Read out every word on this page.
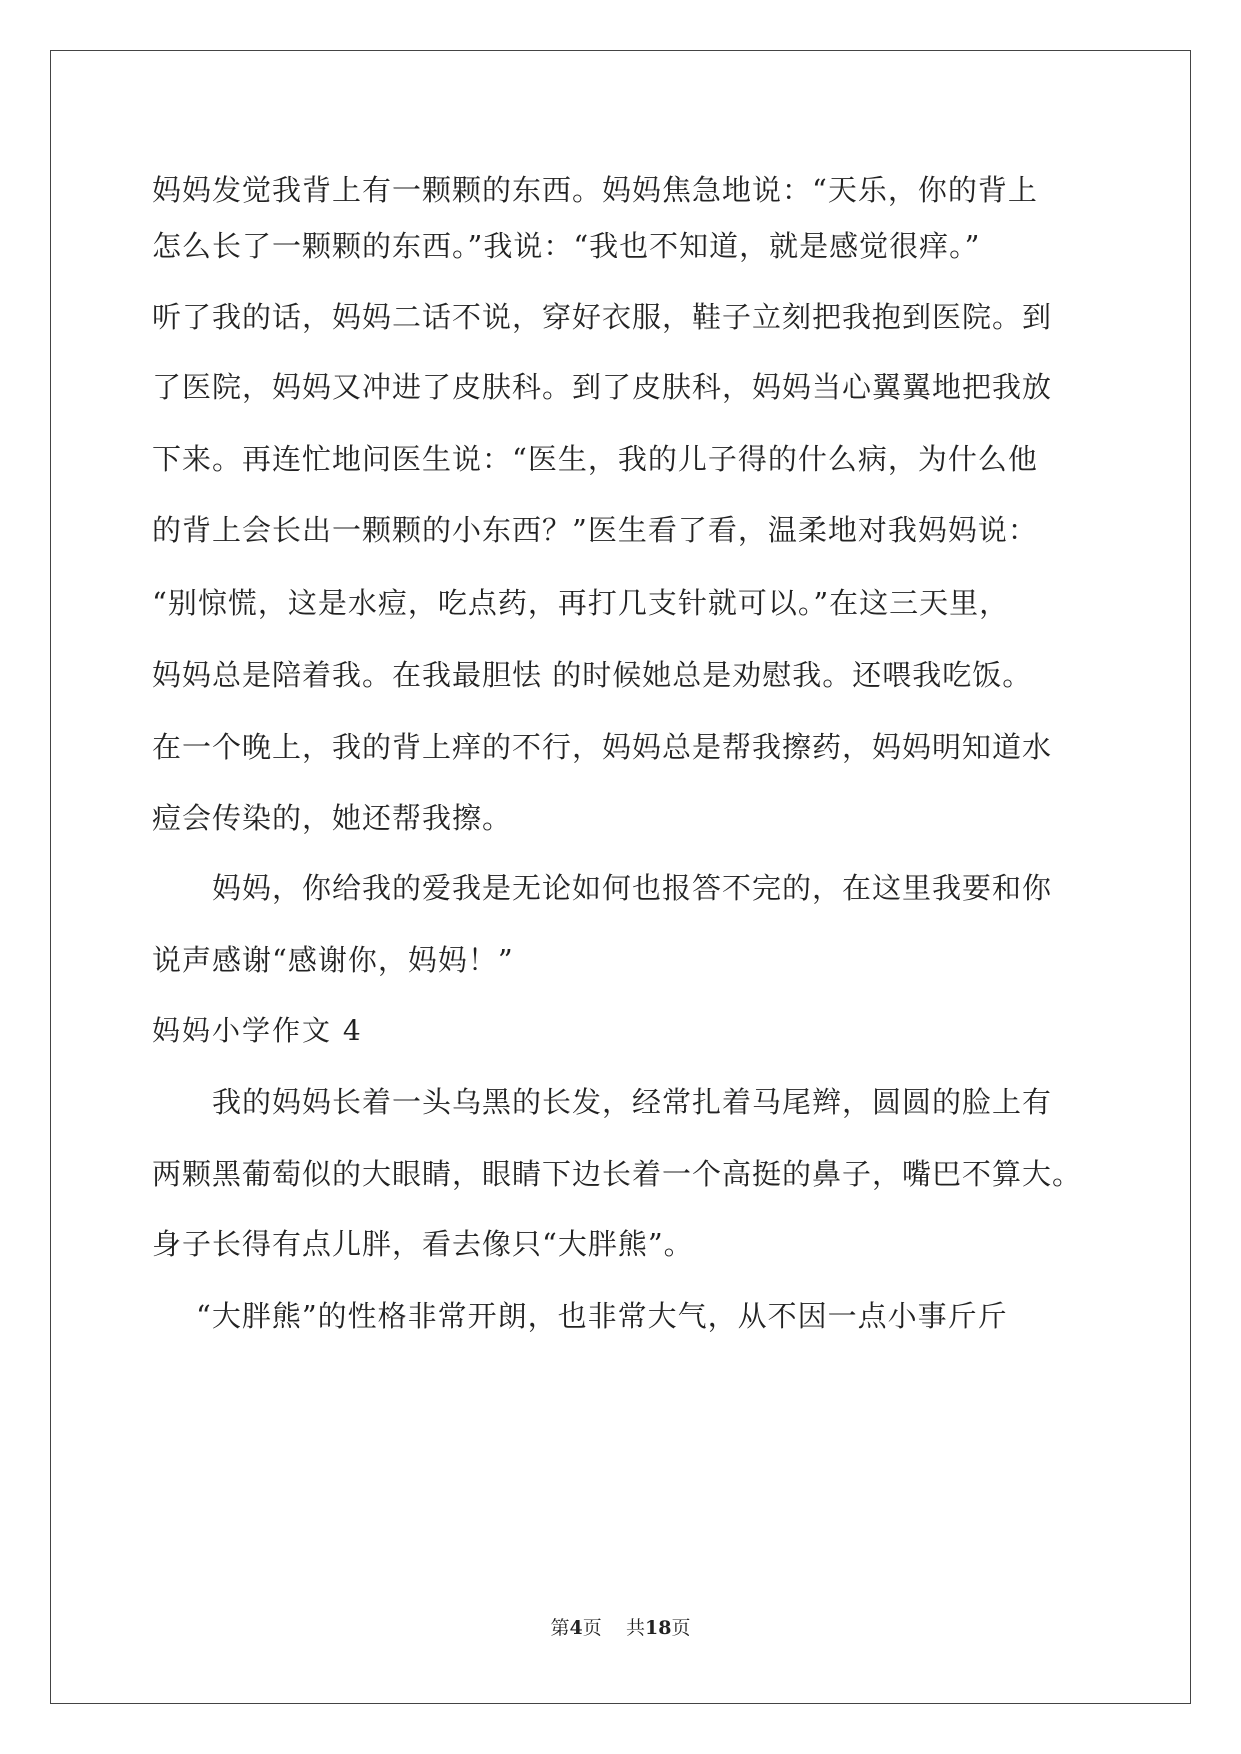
妈妈发觉我背上有一颗颗的东西。妈妈焦急地说：“天乐，你的背上
怎么长了一颗颗的东西。”我说：“我也不知道，就是感觉很痒。”
听了我的话，妈妈二话不说，穿好衣服，鞋子立刻把我抱到医院。到
了医院，妈妈又冲进了皮肤科。到了皮肤科，妈妈当心翼翼地把我放
下来。再连忙地问医生说：“医生，我的儿子得的什么病，为什么他
的背上会长出一颗颗的小东西？”医生看了看，温柔地对我妈妈说：
“别惊慌，这是水痘，吃点药，再打几支针就可以。”在这三天里，
妈妈总是陪着我。在我最胆怯 的时候她总是劝慰我。还喂我吃饭。
在一个晚上，我的背上痒的不行，妈妈总是帮我擦药，妈妈明知道水
痘会传染的，她还帮我擦。
妈妈，你给我的爱我是无论如何也报答不完的，在这里我要和你
说声感谢“感谢你，妈妈！”
妈妈小学作文 4
我的妈妈长着一头乌黑的长发，经常扎着马尾辫，圆圆的脸上有
两颗黑葡萄似的大眼睛，眼睛下边长着一个高挺的鼻子，嘴巴不算大。
身子长得有点儿胖，看去像只“大胖熊”。
“大胖熊”的性格非常开朗，也非常大气，从不因一点小事斤斤
第4页 共18页
